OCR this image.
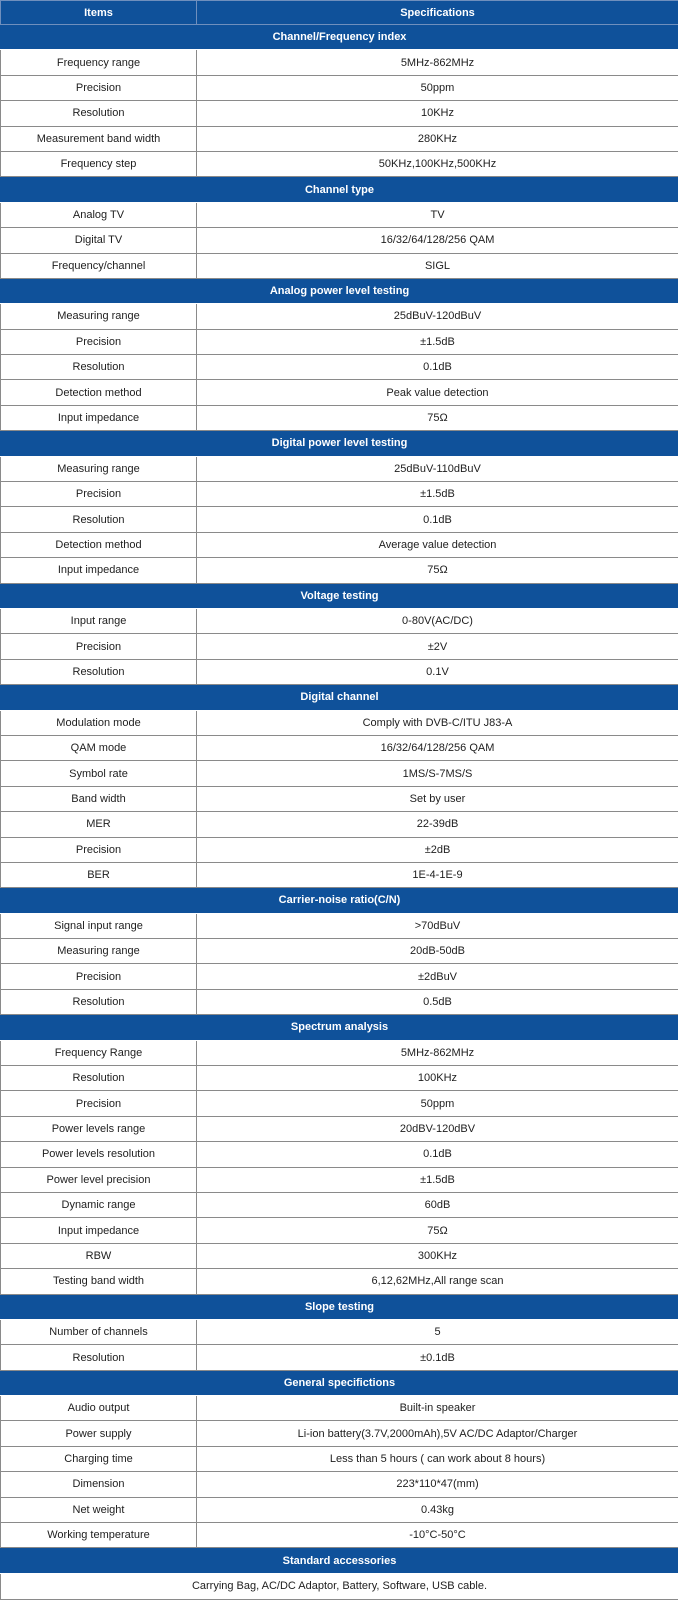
Items	Specifications
Channel/Frequency index	
Frequency range	5MHz-862MHz
Precision	50ppm
Resolution	10KHz
Measurement band width	280KHz
Frequency step	50KHz,100KHz,500KHz
Channel type	
Analog TV	TV
Digital TV	16/32/64/128/256 QAM
Frequency/channel	SIGL
Analog power level testing	
Measuring range	25dBuV-120dBuV
Precision	±1.5dB
Resolution	0.1dB
Detection method	Peak value detection
Input impedance	75Ω
Digital power level testing	
Measuring range	25dBuV-110dBuV
Precision	±1.5dB
Resolution	0.1dB
Detection method	Average value detection
Input impedance	75Ω
Voltage testing	
Input range	0-80V(AC/DC)
Precision	±2V
Resolution	0.1V
Digital channel	
Modulation mode	Comply with DVB-C/ITU J83-A
QAM mode	16/32/64/128/256 QAM
Symbol rate	1MS/S-7MS/S
Band width	Set by user
MER	22-39dB
Precision	±2dB
BER	1E-4-1E-9
Carrier-noise ratio(C/N)	
Signal input range	>70dBuV
Measuring range	20dB-50dB
Precision	±2dBuV
Resolution	0.5dB
Spectrum analysis	
Frequency Range	5MHz-862MHz
Resolution	100KHz
Precision	50ppm
Power levels range	20dBV-120dBV
Power levels resolution	0.1dB
Power level precision	±1.5dB
Dynamic range	60dB
Input impedance	75Ω
RBW	300KHz
Testing band width	6,12,62MHz,All range scan
Slope testing	
Number of channels	5
Resolution	±0.1dB
General specifictions	
Audio output	Built-in speaker
Power supply	Li-ion battery(3.7V,2000mAh),5V AC/DC Adaptor/Charger
Charging time	Less than 5 hours ( can work about 8 hours)
Dimension	223*110*47(mm)
Net weight	0.43kg
Working temperature	-10°C-50°C
Standard accessories	
Carrying Bag, AC/DC Adaptor, Battery, Software, USB cable.	
